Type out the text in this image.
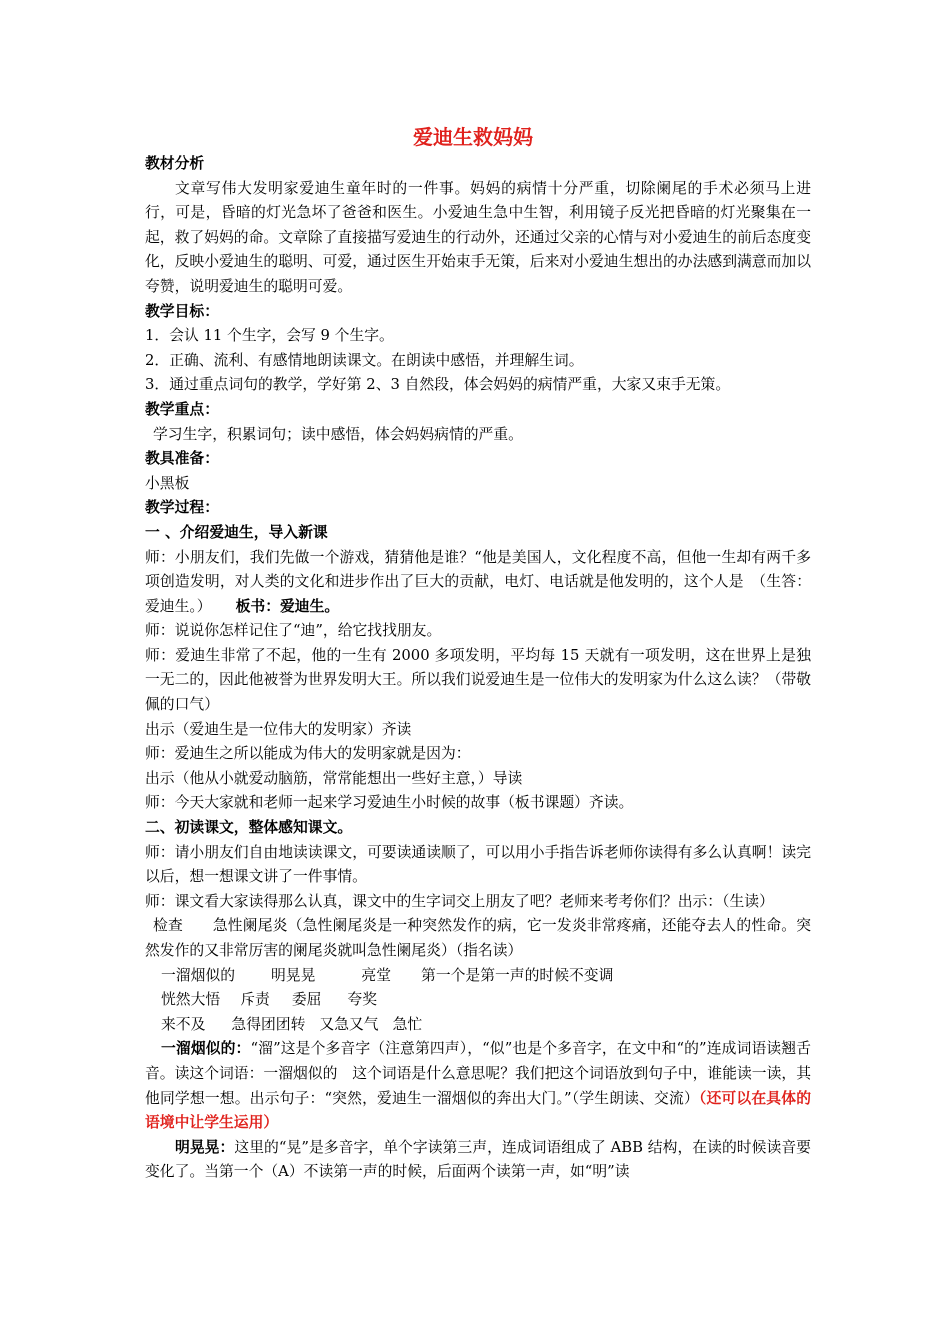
爱迪生救妈妈
教材分析
文章写伟大发明家爱迪生童年时的一件事。妈妈的病情十分严重，切除阑尾的手术必须马上进行，可是，昏暗的灯光急坏了爸爸和医生。小爱迪生急中生智，利用镜子反光把昏暗的灯光聚集在一起，救了妈妈的命。文章除了直接描写爱迪生的行动外，还通过父亲的心情与对小爱迪生的前后态度变化，反映小爱迪生的聪明、可爱，通过医生开始束手无策，后来对小爱迪生想出的办法感到满意而加以夸赞，说明爱迪生的聪明可爱。
教学目标：
1．会认 11 个生字，会写 9 个生字。
2．正确、流利、有感情地朗读课文。在朗读中感悟，并理解生词。
3．通过重点词句的教学，学好第 2、3 自然段，体会妈妈的病情严重，大家又束手无策。
教学重点：
学习生字，积累词句；读中感悟，体会妈妈病情的严重。
教具准备：
小黑板
教学过程：
一 、介绍爱迪生，导入新课
师：小朋友们，我们先做一个游戏，猜猜他是谁？“他是美国人，文化程度不高，但他一生却有两千多项创造发明，对人类的文化和进步作出了巨大的贡献，电灯、电话就是他发明的，这个人是　（生答：爱迪生。） 板书：爱迪生。
师：说说你怎样记住了“迪”，给它找找朋友。
师：爱迪生非常了不起，他的一生有 2000 多项发明，平均每 15 天就有一项发明，这在世界上是独一无二的，因此他被誉为世界发明大王。所以我们说爱迪生是一位伟大的发明家为什么这么读？（带敬佩的口气）
出示（爱迪生是一位伟大的发明家）齐读
师：爱迪生之所以能成为伟大的发明家就是因为：
出示（他从小就爱动脑筋，常常能想出一些好主意，）导读
师：今天大家就和老师一起来学习爱迪生小时候的故事（板书课题）齐读。
二、初读课文，整体感知课文。
师：请小朋友们自由地读读课文，可要读通读顺了，可以用小手指告诉老师你读得有多么认真啊！读完以后，想一想课文讲了一件事情。
师：课文看大家读得那么认真，课文中的生字词交上朋友了吧？老师来考考你们？出示：（生读）
检查　　急性阑尾炎（急性阑尾炎是一种突然发作的病，它一发炎非常疼痛，还能夺去人的性命。突然发作的又非常厉害的阑尾炎就叫急性阑尾炎）（指名读）
一溜烟似的 明晃晃	亮堂 第一个是第一声的时候不变调
恍然大悟 斥责 委屈 夸奖
来不及 急得团团转 又急又气 急忙
一溜烟似的：“溜”这是个多音字（注意第四声），“似”也是个多音字，在文中和“的”连成词语读翘舌音。读这个词语：一溜烟似的　这个词语是什么意思呢？我们把这个词语放到句子中，谁能读一读，其他同学想一想。出示句子：“突然，爱迪生一溜烟似的奔出大门。”（学生朗读、交流）（还可以在具体的语境中让学生运用）
明晃晃：这里的“晃”是多音字，单个字读第三声，连成词语组成了 ABB 结构，在读的时候读音要变化了。当第一个（A）不读第一声的时候，后面两个读第一声，如“明”读
